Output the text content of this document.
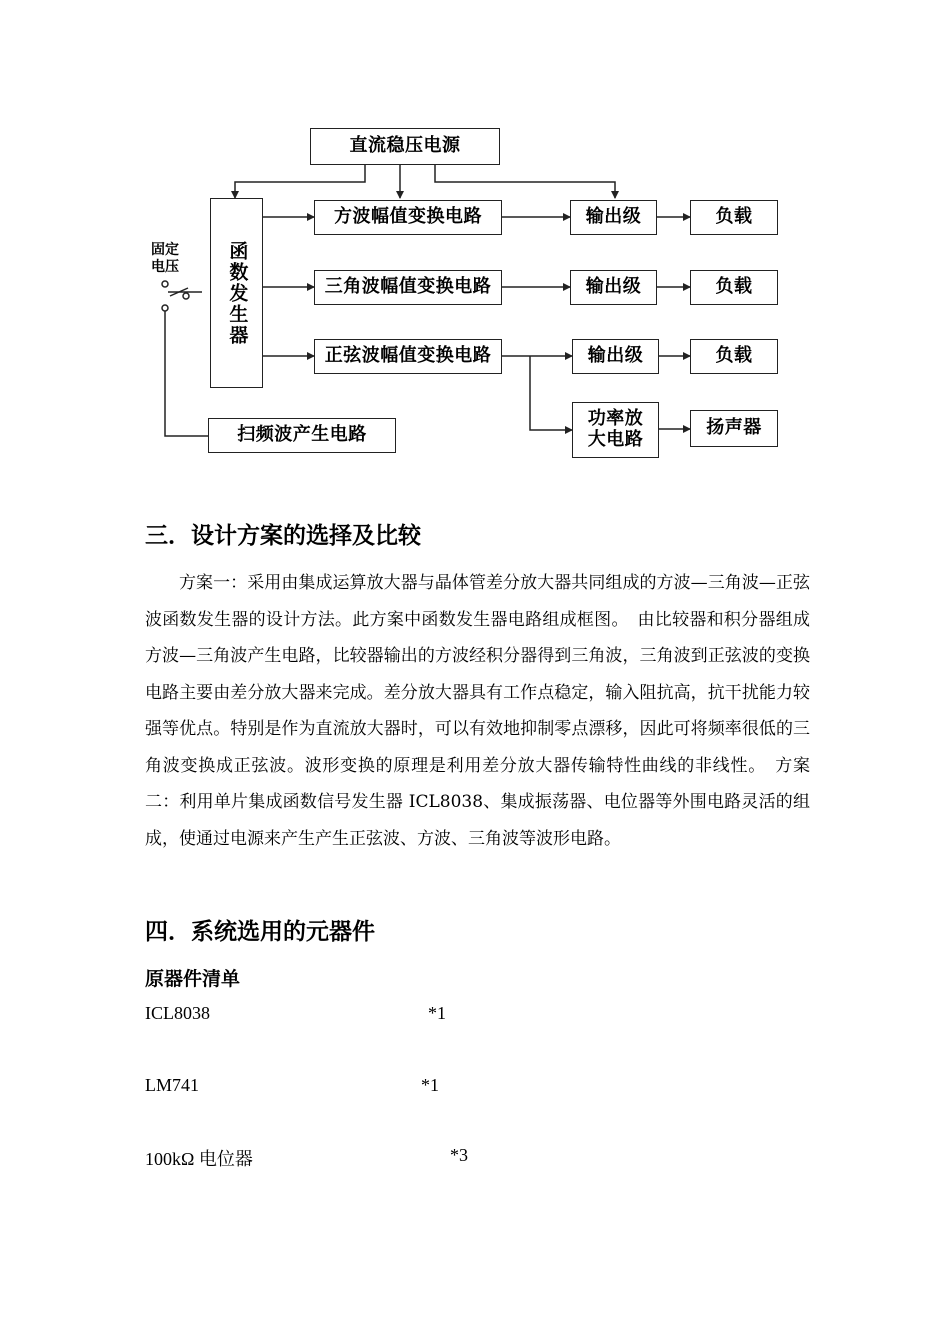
直流稳压电源
函数发生器
固定电压
方波幅值变换电路
三角波幅值变换电路
正弦波幅值变换电路
输出级
输出级
输出级
负载
负载
负载
功率放大电路
扬声器
扫频波产生电路
三．设计方案的选择及比较
方案一：采用由集成运算放大器与晶体管差分放大器共同组成的方波—三角波—正弦波函数发生器的设计方法。此方案中函数发生器电路组成框图。　由比较器和积分器组成方波—三角波产生电路，比较器输出的方波经积分器得到三角波，三角波到正弦波的变换电路主要由差分放大器来完成。差分放大器具有工作点稳定，输入阻抗高，抗干扰能力较强等优点。特别是作为直流放大器时，可以有效地抑制零点漂移，因此可将频率很低的三角波变换成正弦波。波形变换的原理是利用差分放大器传输特性曲线的非线性。　方案二：利用单片集成函数信号发生器 ICL8038、集成振荡器、电位器等外围电路灵活的组成，使通过电源来产生产生正弦波、方波、三角波等波形电路。
四．系统选用的元器件
原器件清单
ICL8038	*1
LM741	*1
100kΩ 电位器	*3
